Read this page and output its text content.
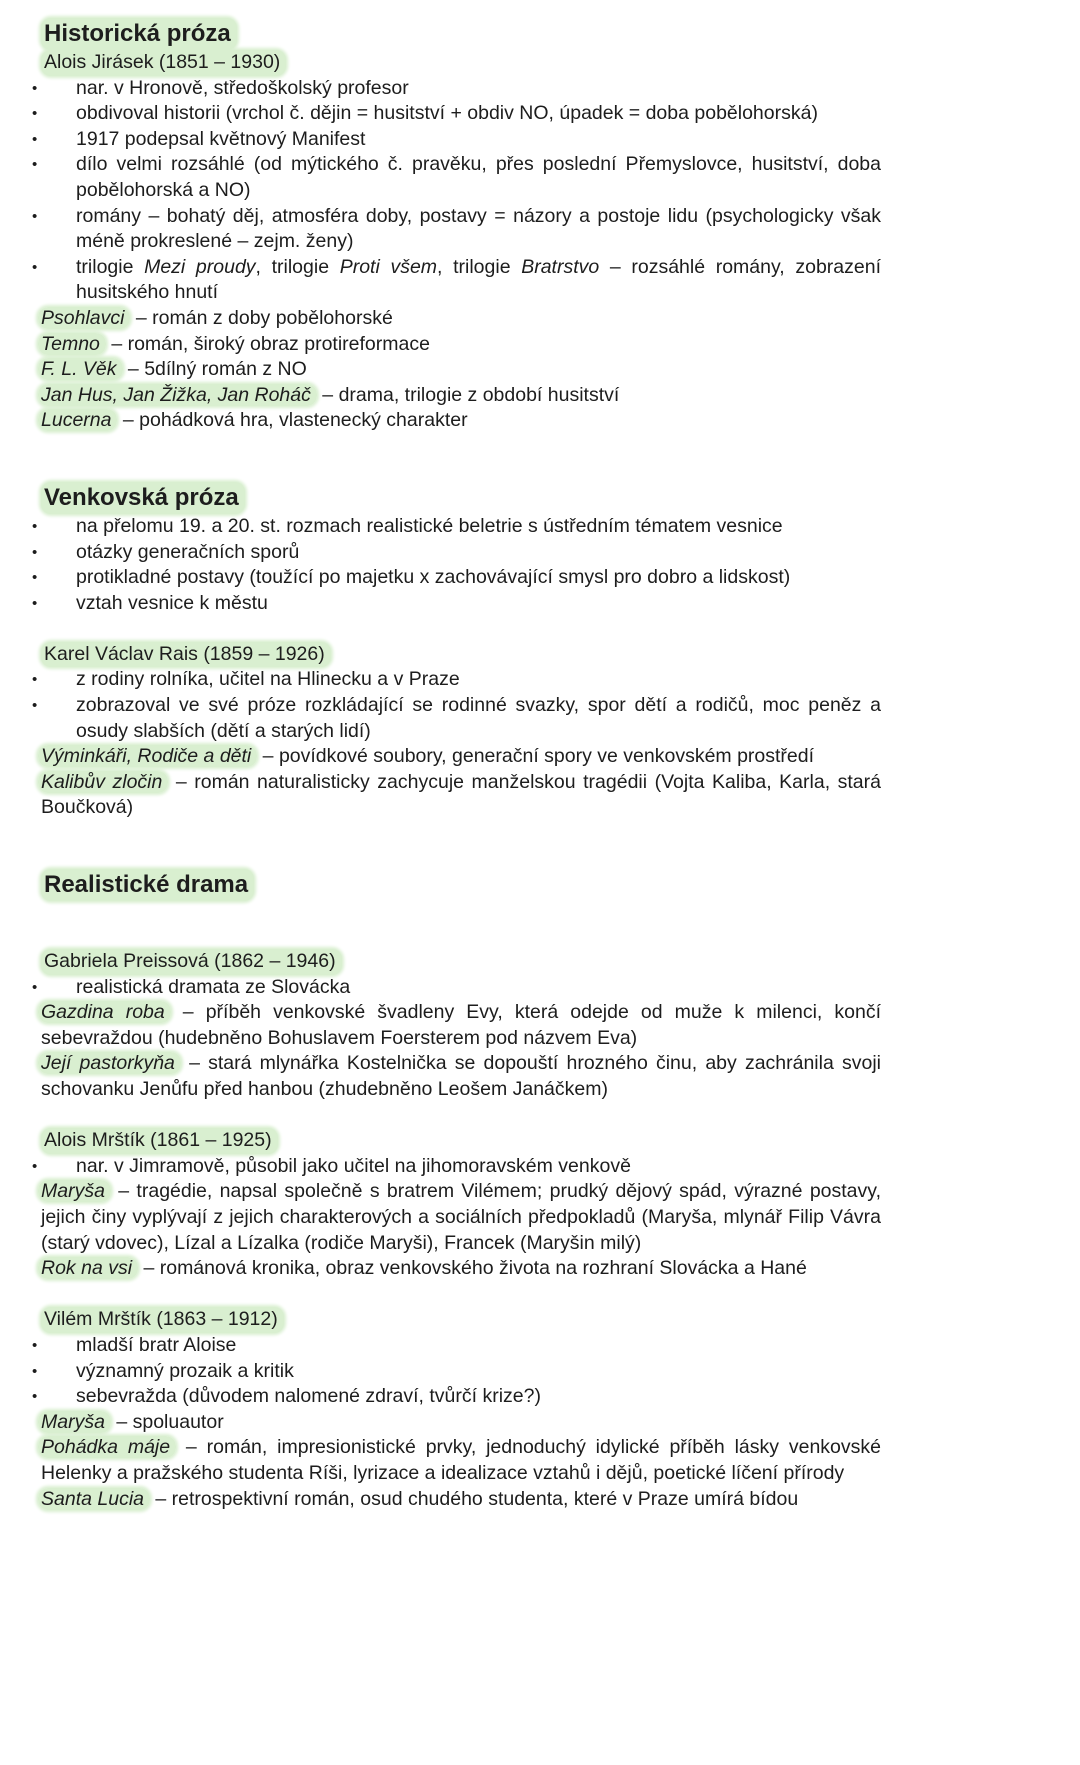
Historická próza
Alois Jirásek (1851 – 1930)
• nar. v Hronově, středoškolský profesor
• obdivoval historii (vrchol č. dějin = husitství + obdiv NO, úpadek = doba pobělohorská)
• 1917 podepsal květnový Manifest
• dílo velmi rozsáhlé (od mýtického č. pravěku, přes poslední Přemyslovce, husitství, doba pobělohorská a NO)
• romány – bohatý děj, atmosféra doby, postavy = názory a postoje lidu (psychologicky však méně prokreslené – zejm. ženy)
• trilogie Mezi proudy, trilogie Proti všem, trilogie Bratrstvo – rozsáhlé romány, zobrazení husitského hnutí

Psohlavci – román z doby pobělohorské

Temno – román, široký obraz protireformace

F. L. Věk – 5dílný román z NO

Jan Hus, Jan Žižka, Jan Roháč – drama, trilogie z období husitství

Lucerna – pohádková hra, vlastenecký charakter

Venkovská próza
• na přelomu 19. a 20. st. rozmach realistické beletrie s ústředním tématem vesnice
• otázky generačních sporů
• protikladné postavy (toužící po majetku x zachovávající smysl pro dobro a lidskost)
• vztah vesnice k městu
Karel Václav Rais (1859 – 1926)
• z rodiny rolníka, učitel na Hlinecku a v Praze
• zobrazoval ve své próze rozkládající se rodinné svazky, spor dětí a rodičů, moc peněz a osudy slabších (dětí a starých lidí)

Výminkáři, Rodiče a děti – povídkové soubory, generační spory ve venkovském prostředí

Kalibův zločin – román naturalisticky zachycuje manželskou tragédii (Vojta Kaliba, Karla, stará Boučková)

Realistické drama
Gabriela Preissová (1862 – 1946)
• realistická dramata ze Slovácka

Gazdina roba – příběh venkovské švadleny Evy, která odejde od muže k milenci, končí sebevraždou (hudebněno Bohuslavem Foersterem pod názvem Eva)

Její pastorkyňa – stará mlynářka Kostelnička se dopouští hrozného činu, aby zachránila svoji schovanku Jenůfu před hanbou (zhudebněno Leošem Janáčkem)

Alois Mrštík (1861 – 1925)
• nar. v Jimramově, působil jako učitel na jihomoravském venkově

Maryša – tragédie, napsal společně s bratrem Vilémem; prudký dějový spád, výrazné postavy, jejich činy vyplývají z jejich charakterových a sociálních předpokladů (Maryša, mlynář Filip Vávra (starý vdovec), Lízal a Lízalka (rodiče Maryši), Francek (Maryšin milý)

Rok na vsi – románová kronika, obraz venkovského života na rozhraní Slovácka a Hané

Vilém Mrštík (1863 – 1912)
• mladší bratr Aloise
• významný prozaik a kritik
• sebevražda (důvodem nalomené zdraví, tvůrčí krize?)

Maryša – spoluautor

Pohádka máje – román, impresionistické prvky, jednoduchý idylické příběh lásky venkovské Helenky a pražského studenta Ríši, lyrizace a idealizace vztahů i dějů, poetické líčení přírody

Santa Lucia – retrospektivní román, osud chudého studenta, které v Praze umírá bídou
